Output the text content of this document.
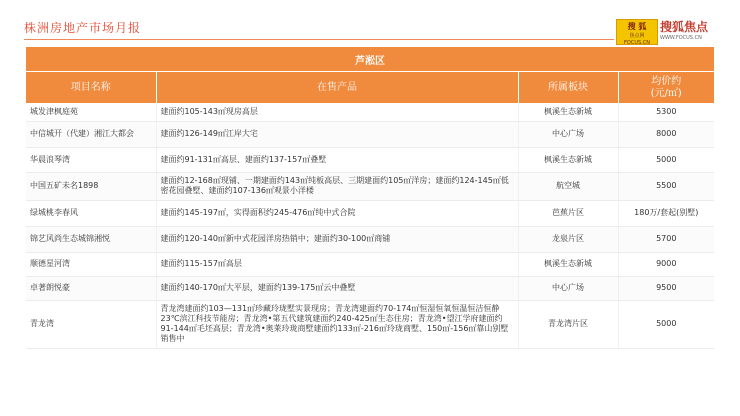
株洲房地产市场月报	搜 狐
焦点网 FOCUS.CN
搜狐焦点
WWW.FOCUS.CN
芦淞区			
项目名称	在售产品	所属板块	均价约
(元/㎡)

城发津枫庭苑	建面约105-143㎡现房高层	枫溪生态新城	5300
中信城开（代建）湘江大都会	建面约126-149㎡江岸大宅	中心广场	8000
华晨浪琴湾	建面约91-131㎡高层、建面约137-157㎡叠墅	枫溪生态新城	5000
中国五矿未名1898	建面约12-168㎡现铺、一期建面约143㎡纯板高层、三期建面约105㎡洋房；建面约124-145㎡低密花园叠墅、建面约107-136㎡观景小洋楼	航空城	5500
绿城桃李春风	建面约145-197㎡，实得面积约245-476㎡纯中式合院	芭蕉片区	180万/套起(别墅)
锦艺风尚生态城锦湘悦	建面约120-140㎡新中式花园洋房热销中；建面约30-100㎡商铺	龙泉片区	5700
顺德星河湾	建面约115-157㎡高层	枫溪生态新城	9000
卓著朗悦豪	建面约140-170㎡大平层，建面约139-175㎡云中叠墅	中心广场	9500
青龙湾	青龙湾建面约103—131㎡珍藏玲珑墅实景现房；青龙湾建面约70-174㎡恒湿恒氧恒温恒洁恒静23℃滨江科技节能房；青龙湾•第五代建筑建面约240-425㎡生态住房；青龙湾•望江学府建面约91-144㎡毛坯高层；青龙湾•奥莱玲珑商墅建面约133㎡-216㎡玲珑商墅、150㎡-156㎡靠山别墅销售中	青龙湾片区	5000
